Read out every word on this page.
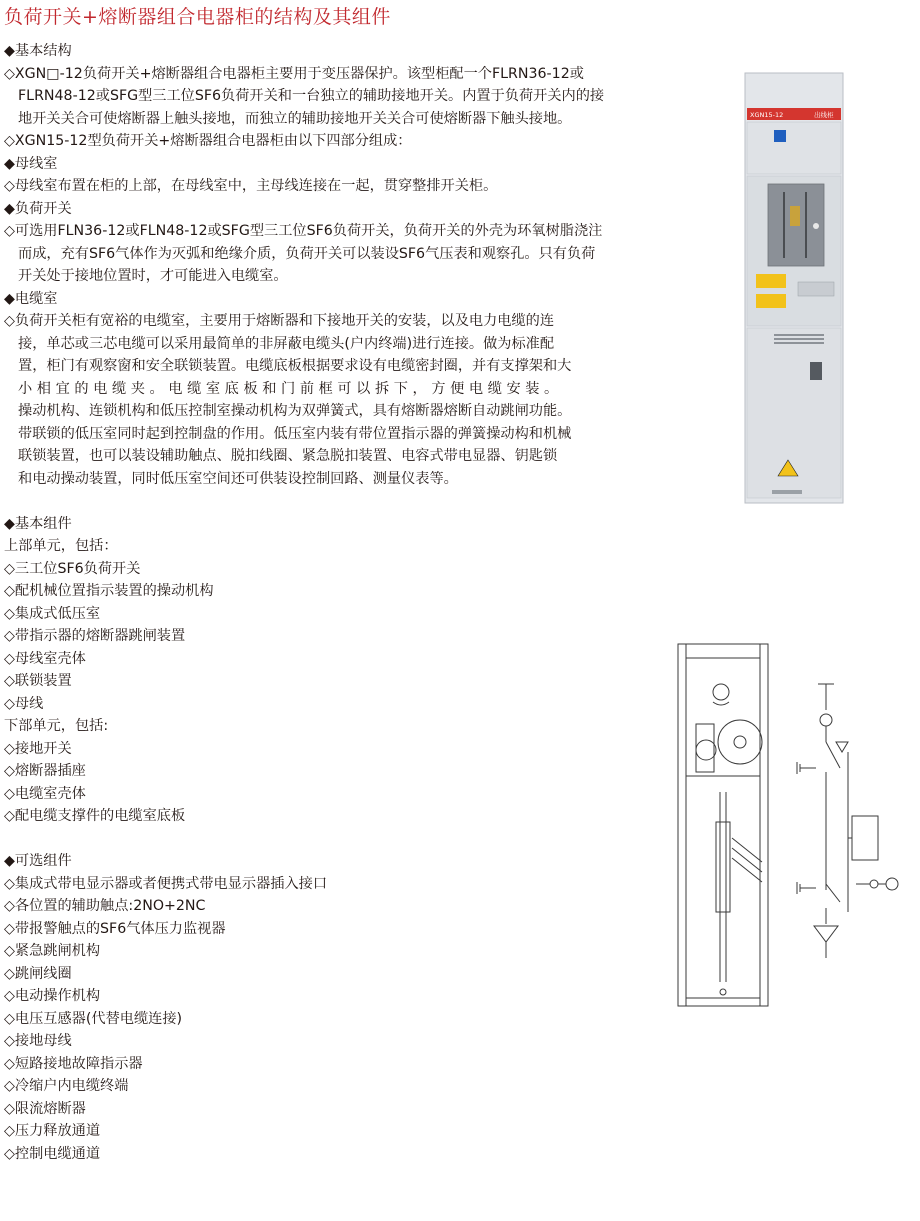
负荷开关+熔断器组合电器柜的结构及其组件
◆基本结构
◇XGN□-12负荷开关+熔断器组合电器柜主要用于变压器保护。该型柜配一个FLRN36-12或
FLRN48-12或SFG型三工位SF6负荷开关和一台独立的辅助接地开关。内置于负荷开关内的接
地开关关合可使熔断器上触头接地，而独立的辅助接地开关关合可使熔断器下触头接地。
◇XGN15-12型负荷开关+熔断器组合电器柜由以下四部分组成：
◆母线室
◇母线室布置在柜的上部，在母线室中，主母线连接在一起，贯穿整排开关柜。
◆负荷开关
◇可选用FLN36-12或FLN48-12或SFG型三工位SF6负荷开关，负荷开关的外壳为环氧树脂浇注
而成，充有SF6气体作为灭弧和绝缘介质，负荷开关可以装设SF6气压表和观察孔。只有负荷
开关处于接地位置时，才可能进入电缆室。
◆电缆室
◇负荷开关柜有宽裕的电缆室，主要用于熔断器和下接地开关的安装，以及电力电缆的连
接，单芯或三芯电缆可以采用最简单的非屏蔽电缆头(户内终端)进行连接。做为标准配
置，柜门有观察窗和安全联锁装置。电缆底板根据要求设有电缆密封圈，并有支撑架和大
小相宜的电缆夹。电缆室底板和门前框可以拆下，方便电缆安装。
操动机构、连锁机构和低压控制室操动机构为双弹簧式，具有熔断器熔断自动跳闸功能。
带联锁的低压室同时起到控制盘的作用。低压室内装有带位置指示器的弹簧操动构和机械
联锁装置，也可以装设辅助触点、脱扣线圈、紧急脱扣装置、电容式带电显器、钥匙锁
和电动操动装置，同时低压室空间还可供装设控制回路、测量仪表等。
◆基本组件
上部单元，包括：
◇三工位SF6负荷开关
◇配机械位置指示装置的操动机构
◇集成式低压室
◇带指示器的熔断器跳闸装置
◇母线室壳体
◇联锁装置
◇母线
下部单元，包括:
◇接地开关
◇熔断器插座
◇电缆室壳体
◇配电缆支撑件的电缆室底板
◆可选组件
◇集成式带电显示器或者便携式带电显示器插入接口
◇各位置的辅助触点:2NO+2NC
◇带报警触点的SF6气体压力监视器
◇紧急跳闸机构
◇跳闸线圈
◇电动操作机构
◇电压互感器(代替电缆连接)
◇接地母线
◇短路接地故障指示器
◇冷缩户内电缆终端
◇限流熔断器
◇压力释放通道
◇控制电缆通道
XGN15-12	出线柜
